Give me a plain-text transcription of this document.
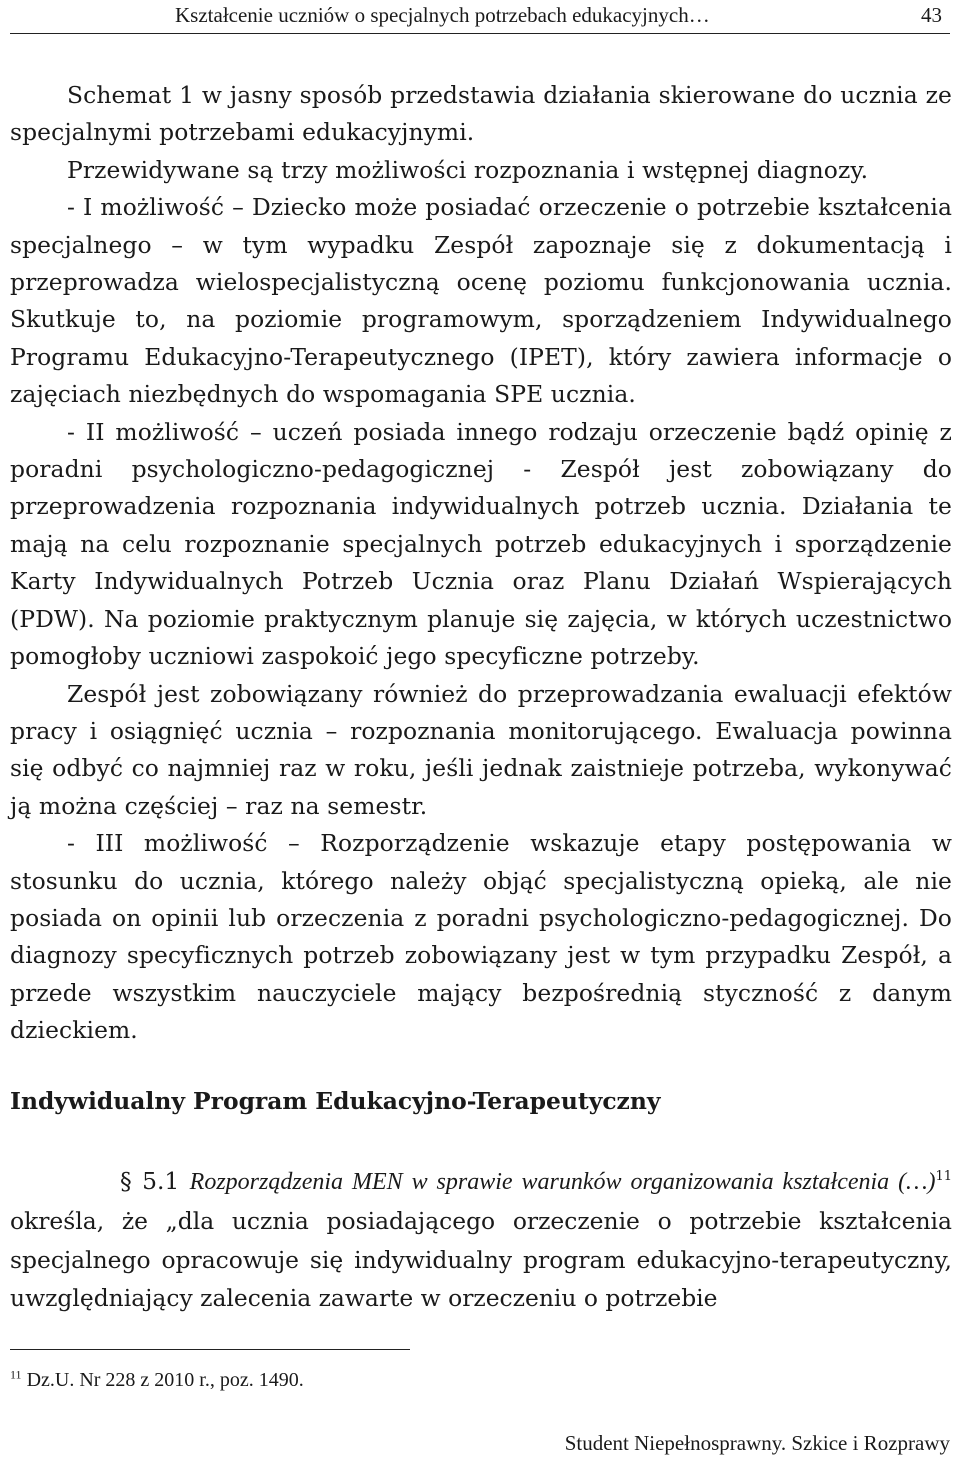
Kształcenie uczniów o specjalnych potrzebach edukacyjnych…	43

Schemat 1 w jasny sposób przedstawia działania skierowane do ucznia ze specjalnymi potrzebami edukacyjnymi.

Przewidywane są trzy możliwości rozpoznania i wstępnej diagnozy.

- I możliwość – Dziecko może posiadać orzeczenie o potrzebie kształcenia specjalnego – w tym wypadku Zespół zapoznaje się z dokumentacją i przeprowadza wielospecjalistyczną ocenę poziomu funkcjonowania ucznia. Skutkuje to, na poziomie programowym, sporządzeniem Indywidualnego Programu Edukacyjno-Terapeutycznego (IPET), który zawiera informacje o zajęciach niezbędnych do wspomagania SPE ucznia.

- II możliwość – uczeń posiada innego rodzaju orzeczenie bądź opinię z poradni psychologiczno-pedagogicznej - Zespół jest zobowiązany do przeprowadzenia rozpoznania indywidualnych potrzeb ucznia. Działania te mają na celu rozpoznanie specjalnych potrzeb edukacyjnych i sporządzenie Karty Indywidualnych Potrzeb Ucznia oraz Planu Działań Wspierających (PDW). Na poziomie praktycznym planuje się zajęcia, w których uczestnictwo pomogłoby uczniowi zaspokoić jego specyficzne potrzeby.

Zespół jest zobowiązany również do przeprowadzania ewaluacji efektów pracy i osiągnięć ucznia – rozpoznania monitorującego. Ewaluacja powinna się odbyć co najmniej raz w roku, jeśli jednak zaistnieje potrzeba, wykonywać ją można częściej – raz na semestr.

- III możliwość – Rozporządzenie wskazuje etapy postępowania w stosunku do ucznia, którego należy objąć specjalistyczną opieką, ale nie posiada on opinii lub orzeczenia z poradni psychologiczno-pedagogicznej. Do diagnozy specyficznych potrzeb zobowiązany jest w tym przypadku Zespół, a przede wszystkim nauczyciele mający bezpośrednią styczność z danym dzieckiem.

Indywidualny Program Edukacyjno-Terapeutyczny

§ 5.1 Rozporządzenia MEN w sprawie warunków organizowania kształcenia (…)$^{11}$ określa, że „dla ucznia posiadającego orzeczenie o potrzebie kształcenia specjalnego opracowuje się indywidualny program edukacyjno-terapeutyczny, uwzględniający zalecenia zawarte w orzeczeniu o potrzebie

$^{11}$ Dz.U. Nr 228 z 2010 r., poz. 1490.
Student Niepełnosprawny. Szkice i Rozprawy
